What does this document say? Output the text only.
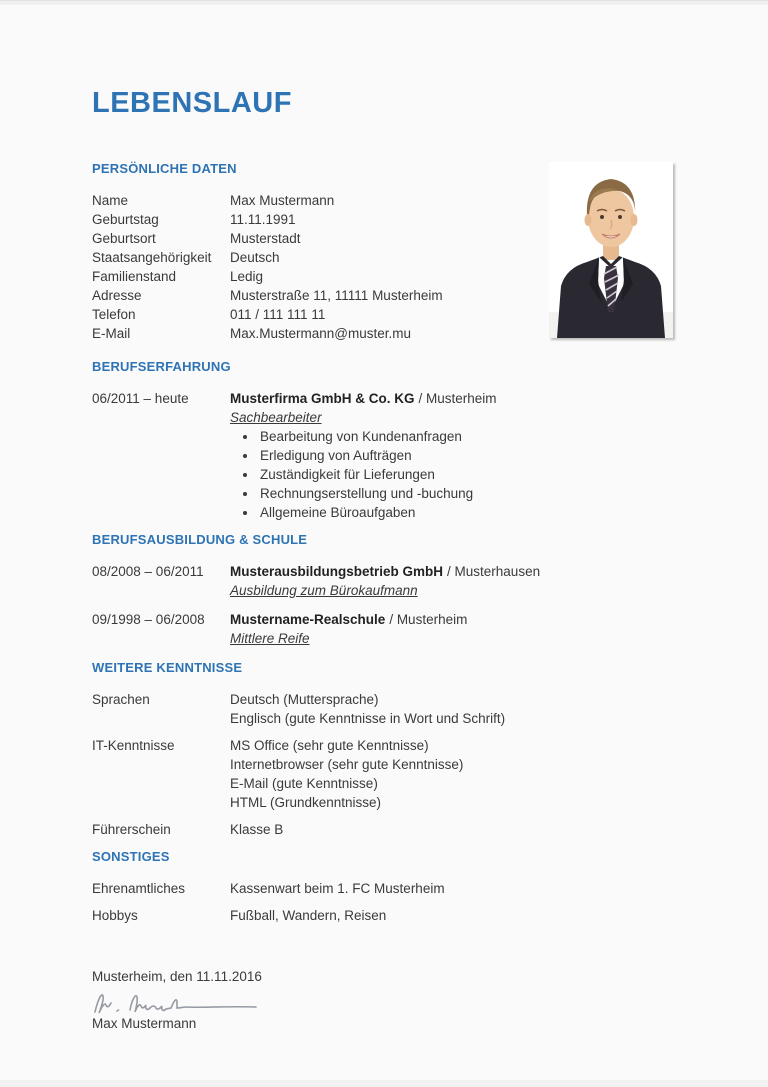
LEBENSLAUF
PERSÖNLICHE DATEN
Name	Max Mustermann
Geburtstag	11.11.1991
Geburtsort	Musterstadt
Staatsangehörigkeit	Deutsch
Familienstand	Ledig
Adresse	Musterstraße 11, 11111 Musterheim
Telefon	011 / 111 111 11
E-Mail	Max.Mustermann@muster.mu
BERUFSERFAHRUNG
06/2011 – heute	Musterfirma GmbH & Co. KG / Musterheim
Sachbearbeiter
• Bearbeitung von Kundenanfragen
• Erledigung von Aufträgen
• Zuständigkeit für Lieferungen
• Rechnungserstellung und -buchung
• Allgemeine Büroaufgaben
BERUFSAUSBILDUNG & SCHULE
08/2008 – 06/2011	Musterausbildungsbetrieb GmbH / Musterhausen
Ausbildung zum Bürokaufmann
09/1998 – 06/2008	Mustername-Realschule / Musterheim
Mittlere Reife
WEITERE KENNTNISSE
Sprachen	Deutsch (Muttersprache)
Englisch (gute Kenntnisse in Wort und Schrift)
IT-Kenntnisse	MS Office (sehr gute Kenntnisse)
Internetbrowser (sehr gute Kenntnisse)
E-Mail (gute Kenntnisse)
HTML (Grundkenntnisse)
Führerschein	Klasse B
SONSTIGES
Ehrenamtliches	Kassenwart beim 1. FC Musterheim
Hobbys	Fußball, Wandern, Reisen
Musterheim, den 11.11.2016
Max Mustermann
